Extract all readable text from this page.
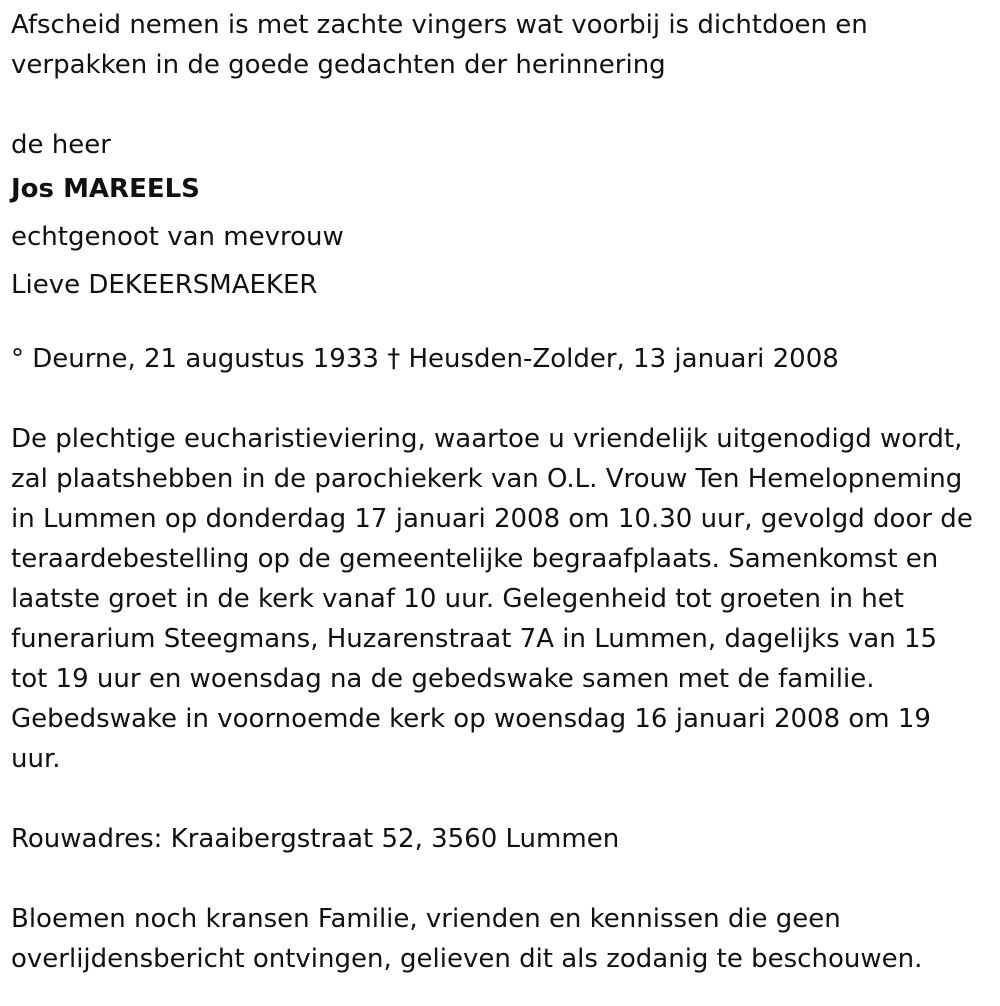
Afscheid nemen is met zachte vingers wat voorbij is dichtdoen en
verpakken in de goede gedachten der herinnering
de heer
Jos MAREELS
echtgenoot van mevrouw
Lieve DEKEERSMAEKER
° Deurne, 21 augustus 1933 † Heusden-Zolder, 13 januari 2008
De plechtige eucharistieviering, waartoe u vriendelijk uitgenodigd wordt,
zal plaatshebben in de parochiekerk van O.L. Vrouw Ten Hemelopneming
in Lummen op donderdag 17 januari 2008 om 10.30 uur, gevolgd door de
teraardebestelling op de gemeentelijke begraafplaats. Samenkomst en
laatste groet in de kerk vanaf 10 uur. Gelegenheid tot groeten in het
funerarium Steegmans, Huzarenstraat 7A in Lummen, dagelijks van 15
tot 19 uur en woensdag na de gebedswake samen met de familie.
Gebedswake in voornoemde kerk op woensdag 16 januari 2008 om 19
uur.
Rouwadres: Kraaibergstraat 52, 3560 Lummen
Bloemen noch kransen Familie, vrienden en kennissen die geen
overlijdensbericht ontvingen, gelieven dit als zodanig te beschouwen.
